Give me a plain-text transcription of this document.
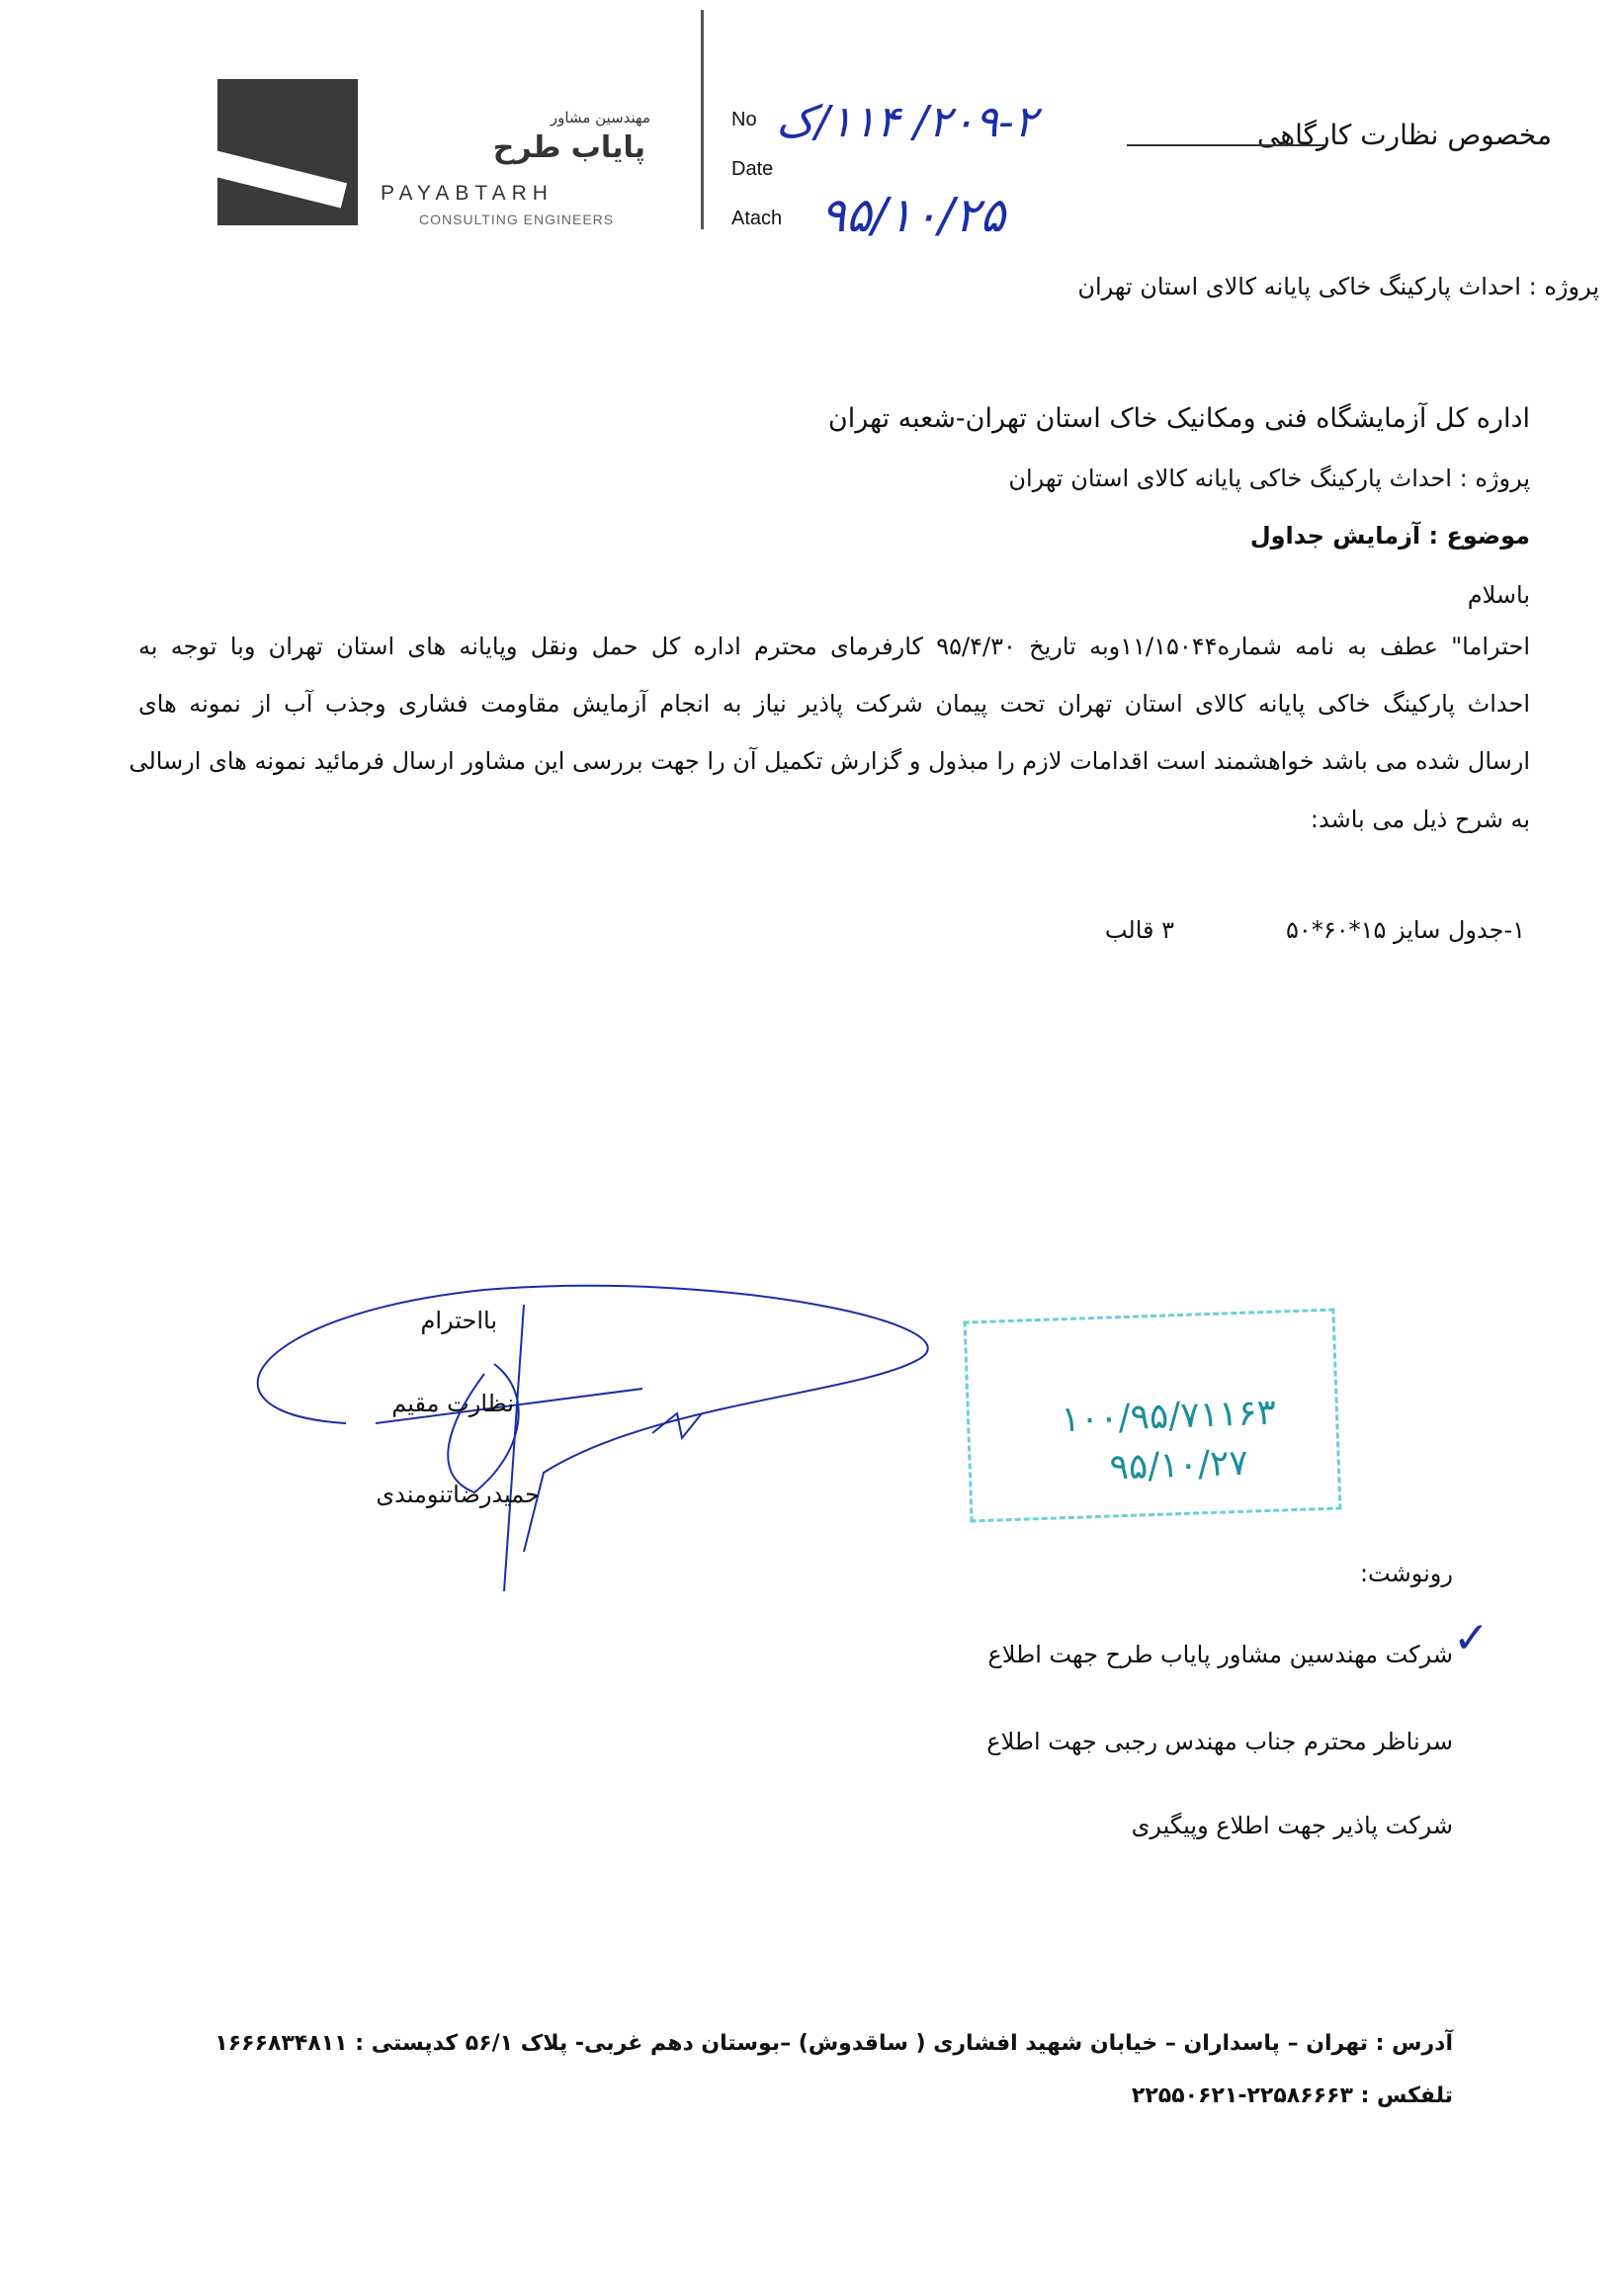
مهندسین مشاور
پایاب طرح
PAYABTARH
CONSULTING ENGINEERS
No
Date
Atach
۲۰۹-۲/ ۱۱۴/ک
۹۵/۱۰/۲۵
مخصوص نظارت کارگاهی
پروژه : احداث پارکینگ خاکی پایانه کالای استان تهران
اداره کل آزمایشگاه فنی ومکانیک خاک استان تهران-شعبه تهران
پروژه : احداث پارکینگ خاکی پایانه کالای استان تهران
موضوع : آزمایش جداول
باسلام
احتراما" عطف به نامه شماره۱۱/۱۵۰۴۴وبه تاریخ ۹۵/۴/۳۰ کارفرمای محترم اداره کل حمل ونقل وپایانه های استان تهران وبا توجه به
احداث پارکینگ خاکی پایانه کالای استان تهران تحت پیمان شرکت پاذیر نیاز به انجام آزمایش مقاومت فشاری وجذب آب از نمونه های
ارسال شده می باشد خواهشمند است اقدامات لازم را مبذول و گزارش تکمیل آن را جهت بررسی این مشاور ارسال فرمائید نمونه های ارسالی
به شرح ذیل می باشد:
۱-جدول سایز ۱۵*۶۰*۵۰
۳ قالب
بااحترام
نظارت مقیم
حمیدرضاتنومندی
۱۰۰/۹۵/۷۱۱۶۳
۹۵/۱۰/۲۷
رونوشت:
✓
شرکت مهندسین مشاور پایاب طرح جهت اطلاع
سرناظر محترم جناب مهندس رجبی جهت اطلاع
شرکت پاذیر جهت اطلاع وپیگیری
آدرس : تهران – پاسداران – خیابان شهید افشاری ( ساقدوش) –بوستان دهم غربی- پلاک ۵۶/۱ کدپستی : ۱۶۶۶۸۳۴۸۱۱
تلفکس : ۲۲۵۸۶۶۶۳-۲۲۵۵۰۶۲۱
